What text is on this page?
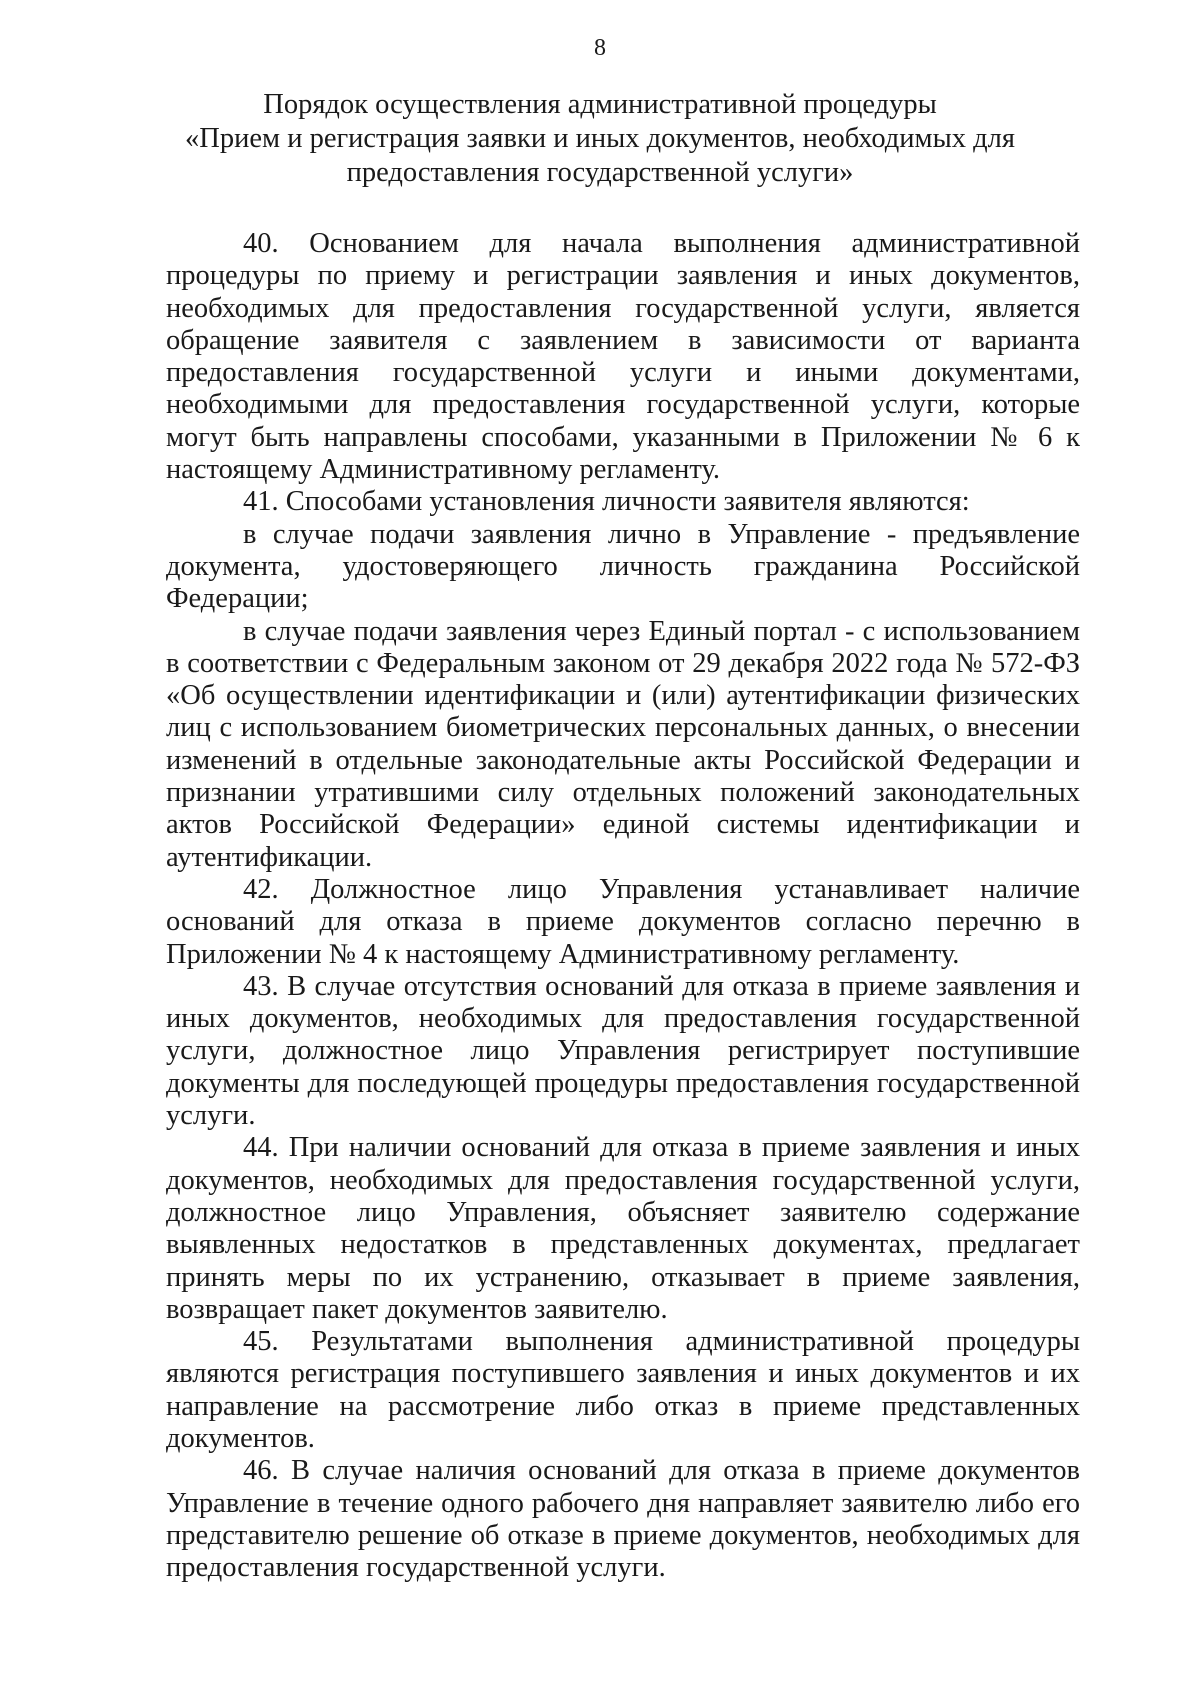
8
Порядок осуществления административной процедуры
«Прием и регистрация заявки и иных документов, необходимых для
предоставления государственной услуги»

40. Основанием для начала выполнения административной процедуры по приему и регистрации заявления и иных документов, необходимых для предоставления государственной услуги, является обращение заявителя с заявлением в зависимости от варианта предоставления государственной услуги и иными документами, необходимыми для предоставления государственной услуги, которые могут быть направлены способами, указанными в Приложении № 6 к настоящему Административному регламенту.

41. Способами установления личности заявителя являются:

в случае подачи заявления лично в Управление - предъявление документа, удостоверяющего личность гражданина Российской Федерации;

в случае подачи заявления через Единый портал - с использованием в соответствии с Федеральным законом от 29 декабря 2022 года № 572-ФЗ «Об осуществлении идентификации и (или) аутентификации физических лиц с использованием биометрических персональных данных, о внесении изменений в отдельные законодательные акты Российской Федерации и признании утратившими силу отдельных положений законодательных актов Российской Федерации» единой системы идентификации и аутентификации.

42. Должностное лицо Управления устанавливает наличие оснований для отказа в приеме документов согласно перечню в Приложении № 4 к настоящему Административному регламенту.

43. В случае отсутствия оснований для отказа в приеме заявления и иных документов, необходимых для предоставления государственной услуги, должностное лицо Управления регистрирует поступившие документы для последующей процедуры предоставления государственной услуги.

44. При наличии оснований для отказа в приеме заявления и иных документов, необходимых для предоставления государственной услуги, должностное лицо Управления, объясняет заявителю содержание выявленных недостатков в представленных документах, предлагает принять меры по их устранению, отказывает в приеме заявления, возвращает пакет документов заявителю.

45. Результатами выполнения административной процедуры являются регистрация поступившего заявления и иных документов и их направление на рассмотрение либо отказ в приеме представленных документов.

46. В случае наличия оснований для отказа в приеме документов Управление в течение одного рабочего дня направляет заявителю либо его представителю решение об отказе в приеме документов, необходимых для предоставления государственной услуги.
